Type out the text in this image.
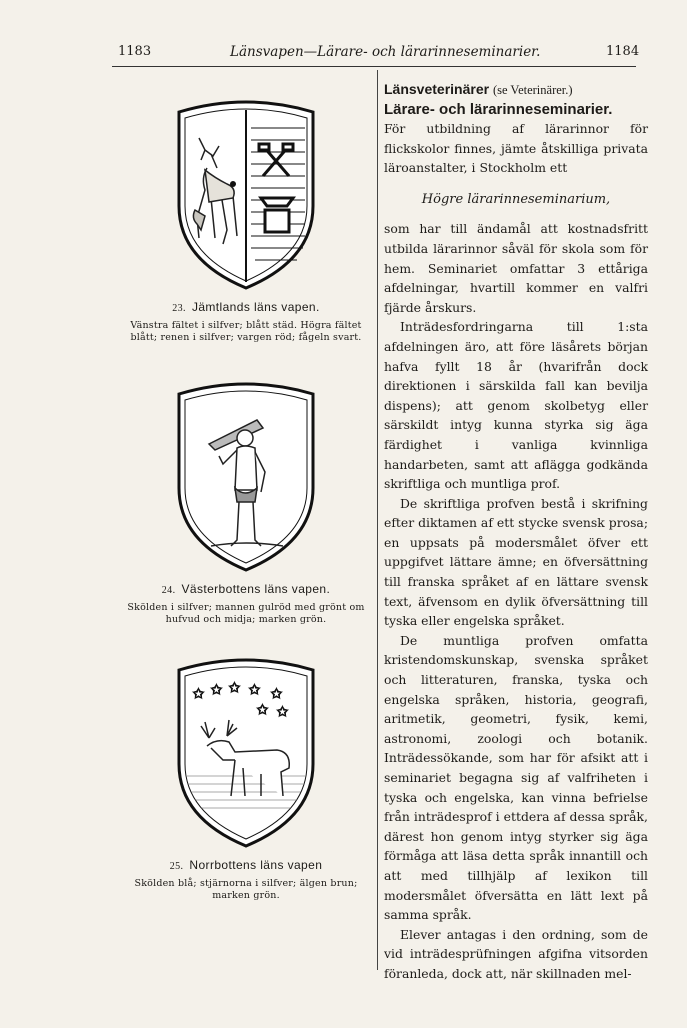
1183	Länsvapen—Lärare- och lärarinneseminarier.	1184
23. Jämtlands läns vapen.
Vänstra fältet i silfver; blått städ. Högra fältet blått; renen i silfver; vargen röd; fågeln svart.
24. Västerbottens läns vapen.
Skölden i silfver; mannen gulröd med grönt om hufvud och midja; marken grön.
✩ ✩ ✩ ✩ ✩
✩ ✩
25. Norrbottens läns vapen
Skölden blå; stjärnorna i silfver; älgen brun; marken grön.
Länsveterinärer (se Veterinärer.)
Lärare- och lärarinneseminarier.

För utbildning af lärarinnor för flickskolor finnes, jämte åtskilliga privata läroanstalter, i Stockholm ett

Högre lärarinneseminarium,

som har till ändamål att kostnadsfritt utbilda lärarinnor såväl för skola som för hem. Seminariet omfattar 3 ettåriga afdelningar, hvartill kommer en valfri fjärde årskurs.

Inträdesfordringarna till 1:sta afdelningen äro, att före läsårets början hafva fyllt 18 år (hvarifrån dock direktionen i särskilda fall kan bevilja dispens); att genom skolbetyg eller särskildt intyg kunna styrka sig äga färdighet i vanliga kvinnliga handarbeten, samt att aflägga godkända skriftliga och muntliga prof.

De skriftliga profven bestå i skrifning efter diktamen af ett stycke svensk prosa; en uppsats på modersmålet öfver ett uppgifvet lättare ämne; en öfversättning till franska språket af en lättare svensk text, äfvensom en dylik öfversättning till tyska eller engelska språket.

De muntliga profven omfatta kristendomskunskap, svenska språket och litteraturen, franska, tyska och engelska språken, historia, geografi, aritmetik, geometri, fysik, kemi, astronomi, zoologi och botanik. Inträdessökande, som har för afsikt att i seminariet begagna sig af valfriheten i tyska och engelska, kan vinna befrielse från inträdesprof i ettdera af dessa språk, därest hon genom intyg styrker sig äga förmåga att läsa detta språk innantill och att med tillhjälp af lexikon till modersmålet öfversätta en lätt lext på samma språk.

Elever antagas i den ordning, som de vid inträdesprüfningen afgifna vitsorden föranleda, dock att, när skillnaden mel-
